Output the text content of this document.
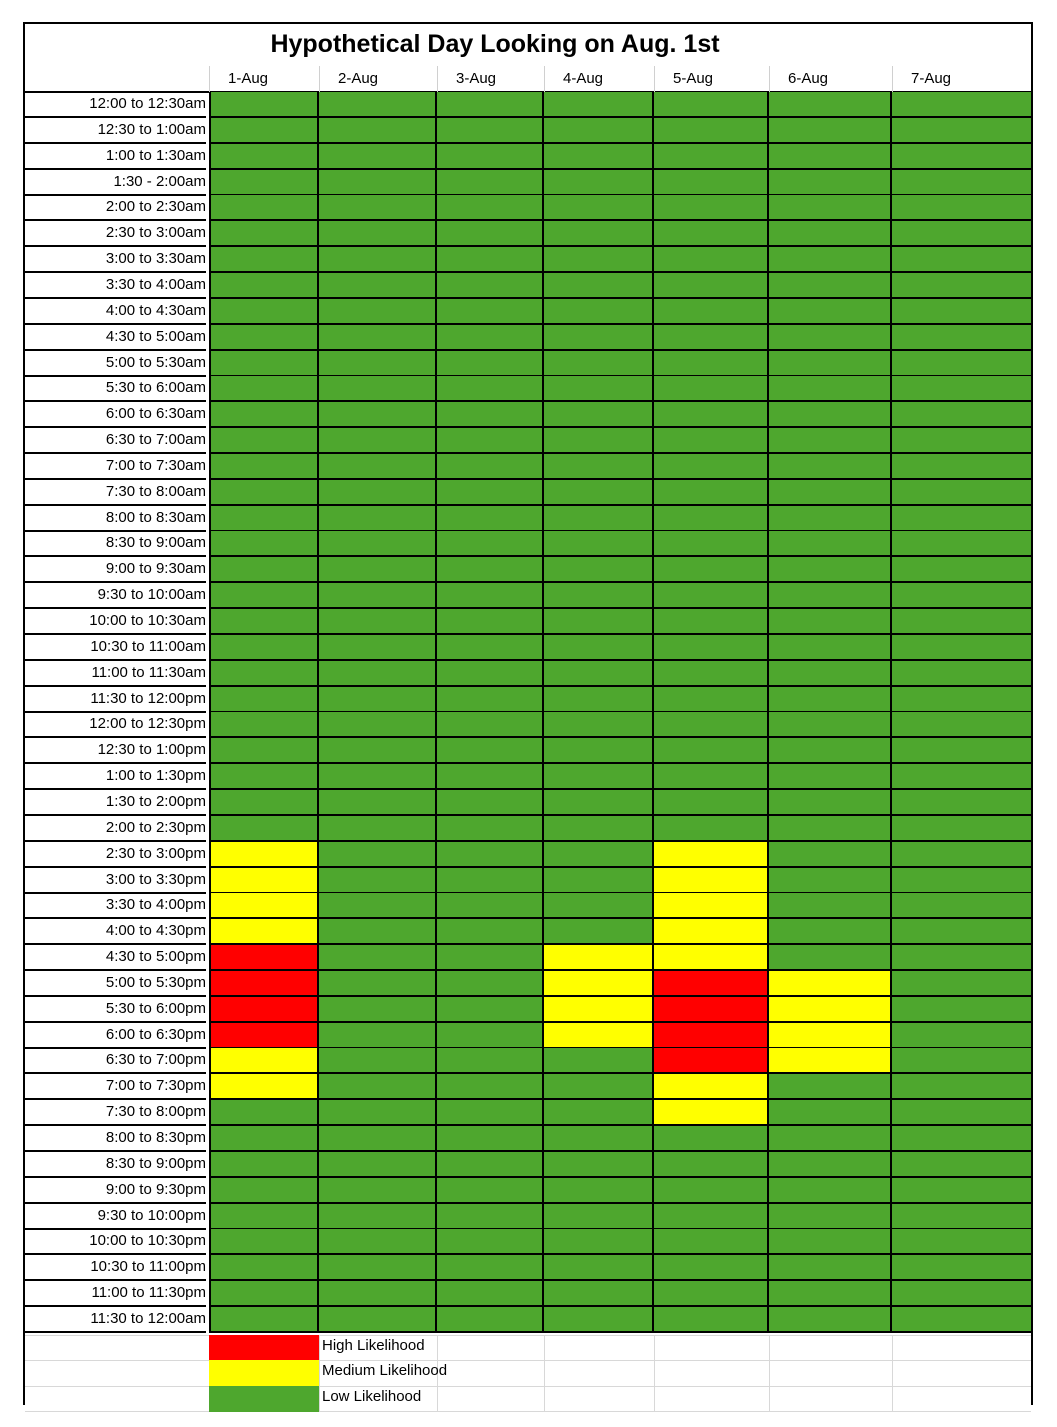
Hypothetical Day Looking on Aug. 1st
1-Aug	2-Aug	3-Aug	4-Aug	5-Aug	6-Aug	7-Aug
12:00 to 12:30am
12:30 to 1:00am
1:00 to 1:30am
1:30 - 2:00am
2:00 to 2:30am
2:30 to 3:00am
3:00 to 3:30am
3:30 to 4:00am
4:00 to 4:30am
4:30 to 5:00am
5:00 to 5:30am
5:30 to 6:00am
6:00 to 6:30am
6:30 to 7:00am
7:00 to 7:30am
7:30 to 8:00am
8:00 to 8:30am
8:30 to 9:00am
9:00 to 9:30am
9:30 to 10:00am
10:00 to 10:30am
10:30 to 11:00am
11:00 to 11:30am
11:30 to 12:00pm
12:00 to 12:30pm
12:30 to 1:00pm
1:00 to 1:30pm
1:30 to 2:00pm
2:00 to 2:30pm
2:30 to 3:00pm
3:00 to 3:30pm
3:30 to 4:00pm
4:00 to 4:30pm
4:30 to 5:00pm
5:00 to 5:30pm
5:30 to 6:00pm
6:00 to 6:30pm
6:30 to 7:00pm
7:00 to 7:30pm
7:30 to 8:00pm
8:00 to 8:30pm
8:30 to 9:00pm
9:00 to 9:30pm
9:30 to 10:00pm
10:00 to 10:30pm
10:30 to 11:00pm
11:00 to 11:30pm
11:30 to 12:00am
High Likelihood
Medium Likelihood
Low Likelihood
